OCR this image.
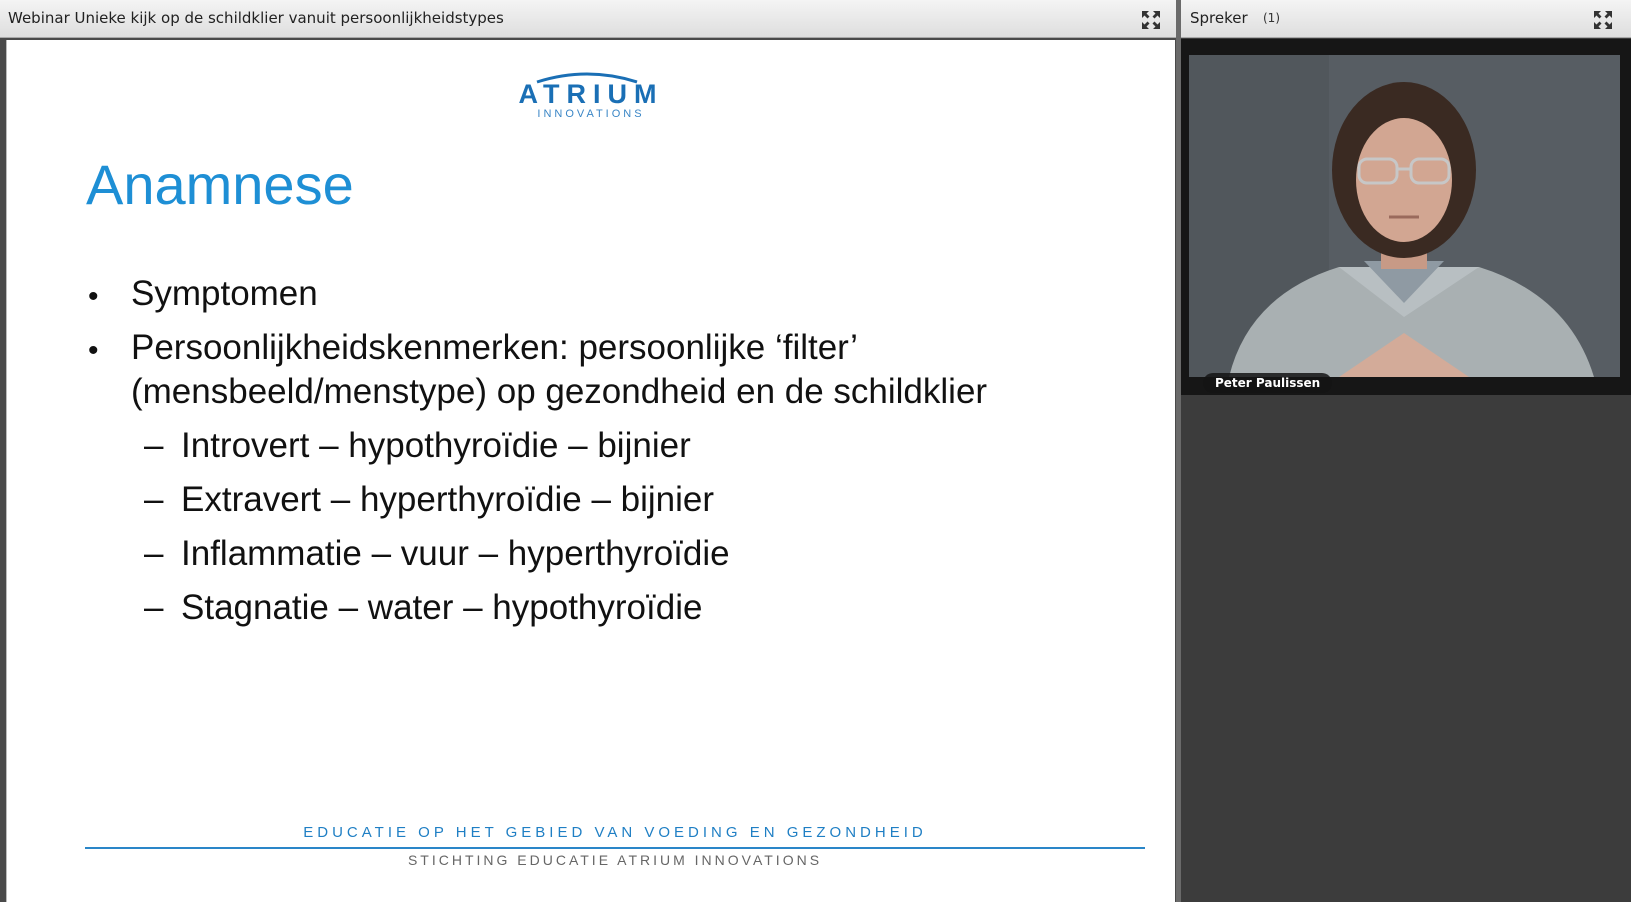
Webinar Unieke kijk op de schildklier vanuit persoonlijkheidstypes
ATRIUM
INNOVATIONS
Anamnese
• Symptomen
• Persoonlijkheidskenmerken: persoonlijke ‘filter’
(mensbeeld/menstype) op gezondheid en de schildklier
– Introvert – hypothyroïdie – bijnier
– Extravert – hyperthyroïdie – bijnier
– Inflammatie – vuur – hyperthyroïdie
– Stagnatie – water – hypothyroïdie
EDUCATIE OP HET GEBIED VAN VOEDING EN GEZONDHEID
STICHTING EDUCATIE ATRIUM INNOVATIONS
Spreker (1)
Peter Paulissen
